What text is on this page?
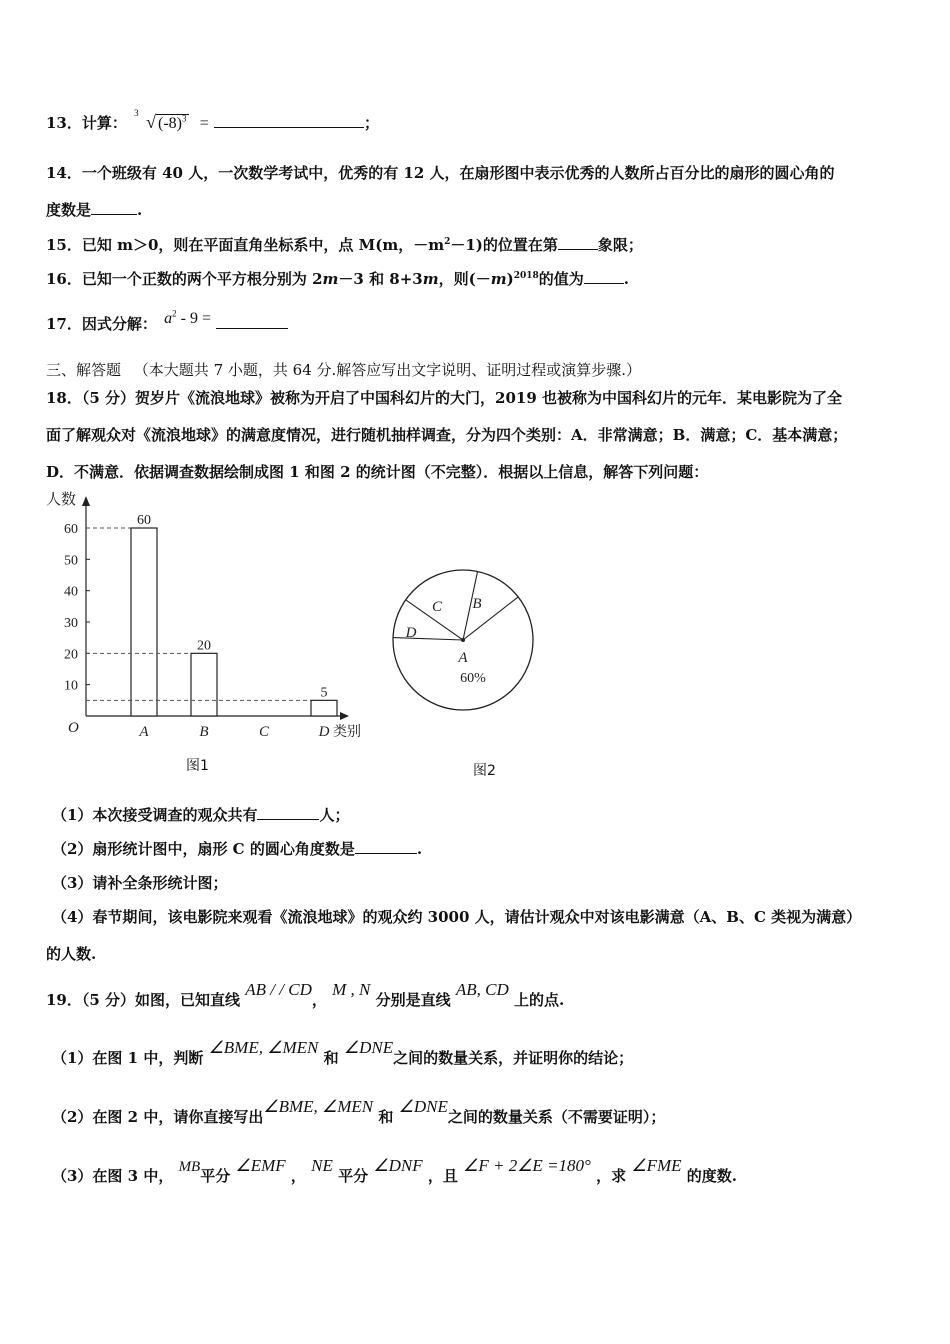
13．计算：
3 √ $(-8)^3$ =	；
14．一个班级有 40 人，一次数学考试中，优秀的有 12 人，在扇形图中表示优秀的人数所占百分比的扇形的圆心角的
度数是	.
15．已知 m＞0，则在平面直角坐标系中，点 M(m，$-m^2-1$)的位置在第	象限；
16．已知一个正数的两个平方根分别为 2m－3 和 8+3m，则$(-m)^{2018}$的值为	.
17．因式分解： $a^2 - 9$ =
三、解答题 （本大题共 7 小题，共 64 分.解答应写出文字说明、证明过程或演算步骤.）
18．（5 分）贺岁片《流浪地球》被称为开启了中国科幻片的大门，2019 也被称为中国科幻片的元年．某电影院为了全
面了解观众对《流浪地球》的满意度情况，进行随机抽样调查，分为四个类别：A．非常满意；B．满意；C．基本满意；
D．不满意．依据调查数据绘制成图 1 和图 2 的统计图（不完整）．根据以上信息，解答下列问题：
人数
O	类别
10
20
30
40
50
60
A
60
B
20
C	D
5
图1
A
B
C
D
60%
图2
（1）本次接受调查的观众共有	人；
（2）扇形统计图中，扇形 C 的圆心角度数是	.
（3）请补全条形统计图；
（4）春节期间，该电影院来观看《流浪地球》的观众约 3000 人，请估计观众中对该电影满意（A、B、C 类视为满意）
的人数.
19．（5 分）如图，已知直线 AB / / CD， M , N 分别是直线 AB, CD 上的点.
（1）在图 1 中，判断 ∠BME, ∠MEN 和 ∠DNE之间的数量关系，并证明你的结论；
（2）在图 2 中，请你直接写出∠BME, ∠MEN 和 ∠DNE之间的数量关系（不需要证明）；
（3）在图 3 中， MB平分 ∠EMF ， NE 平分 ∠DNF ，且 ∠F + 2∠E =180° ，求 ∠FME 的度数.
